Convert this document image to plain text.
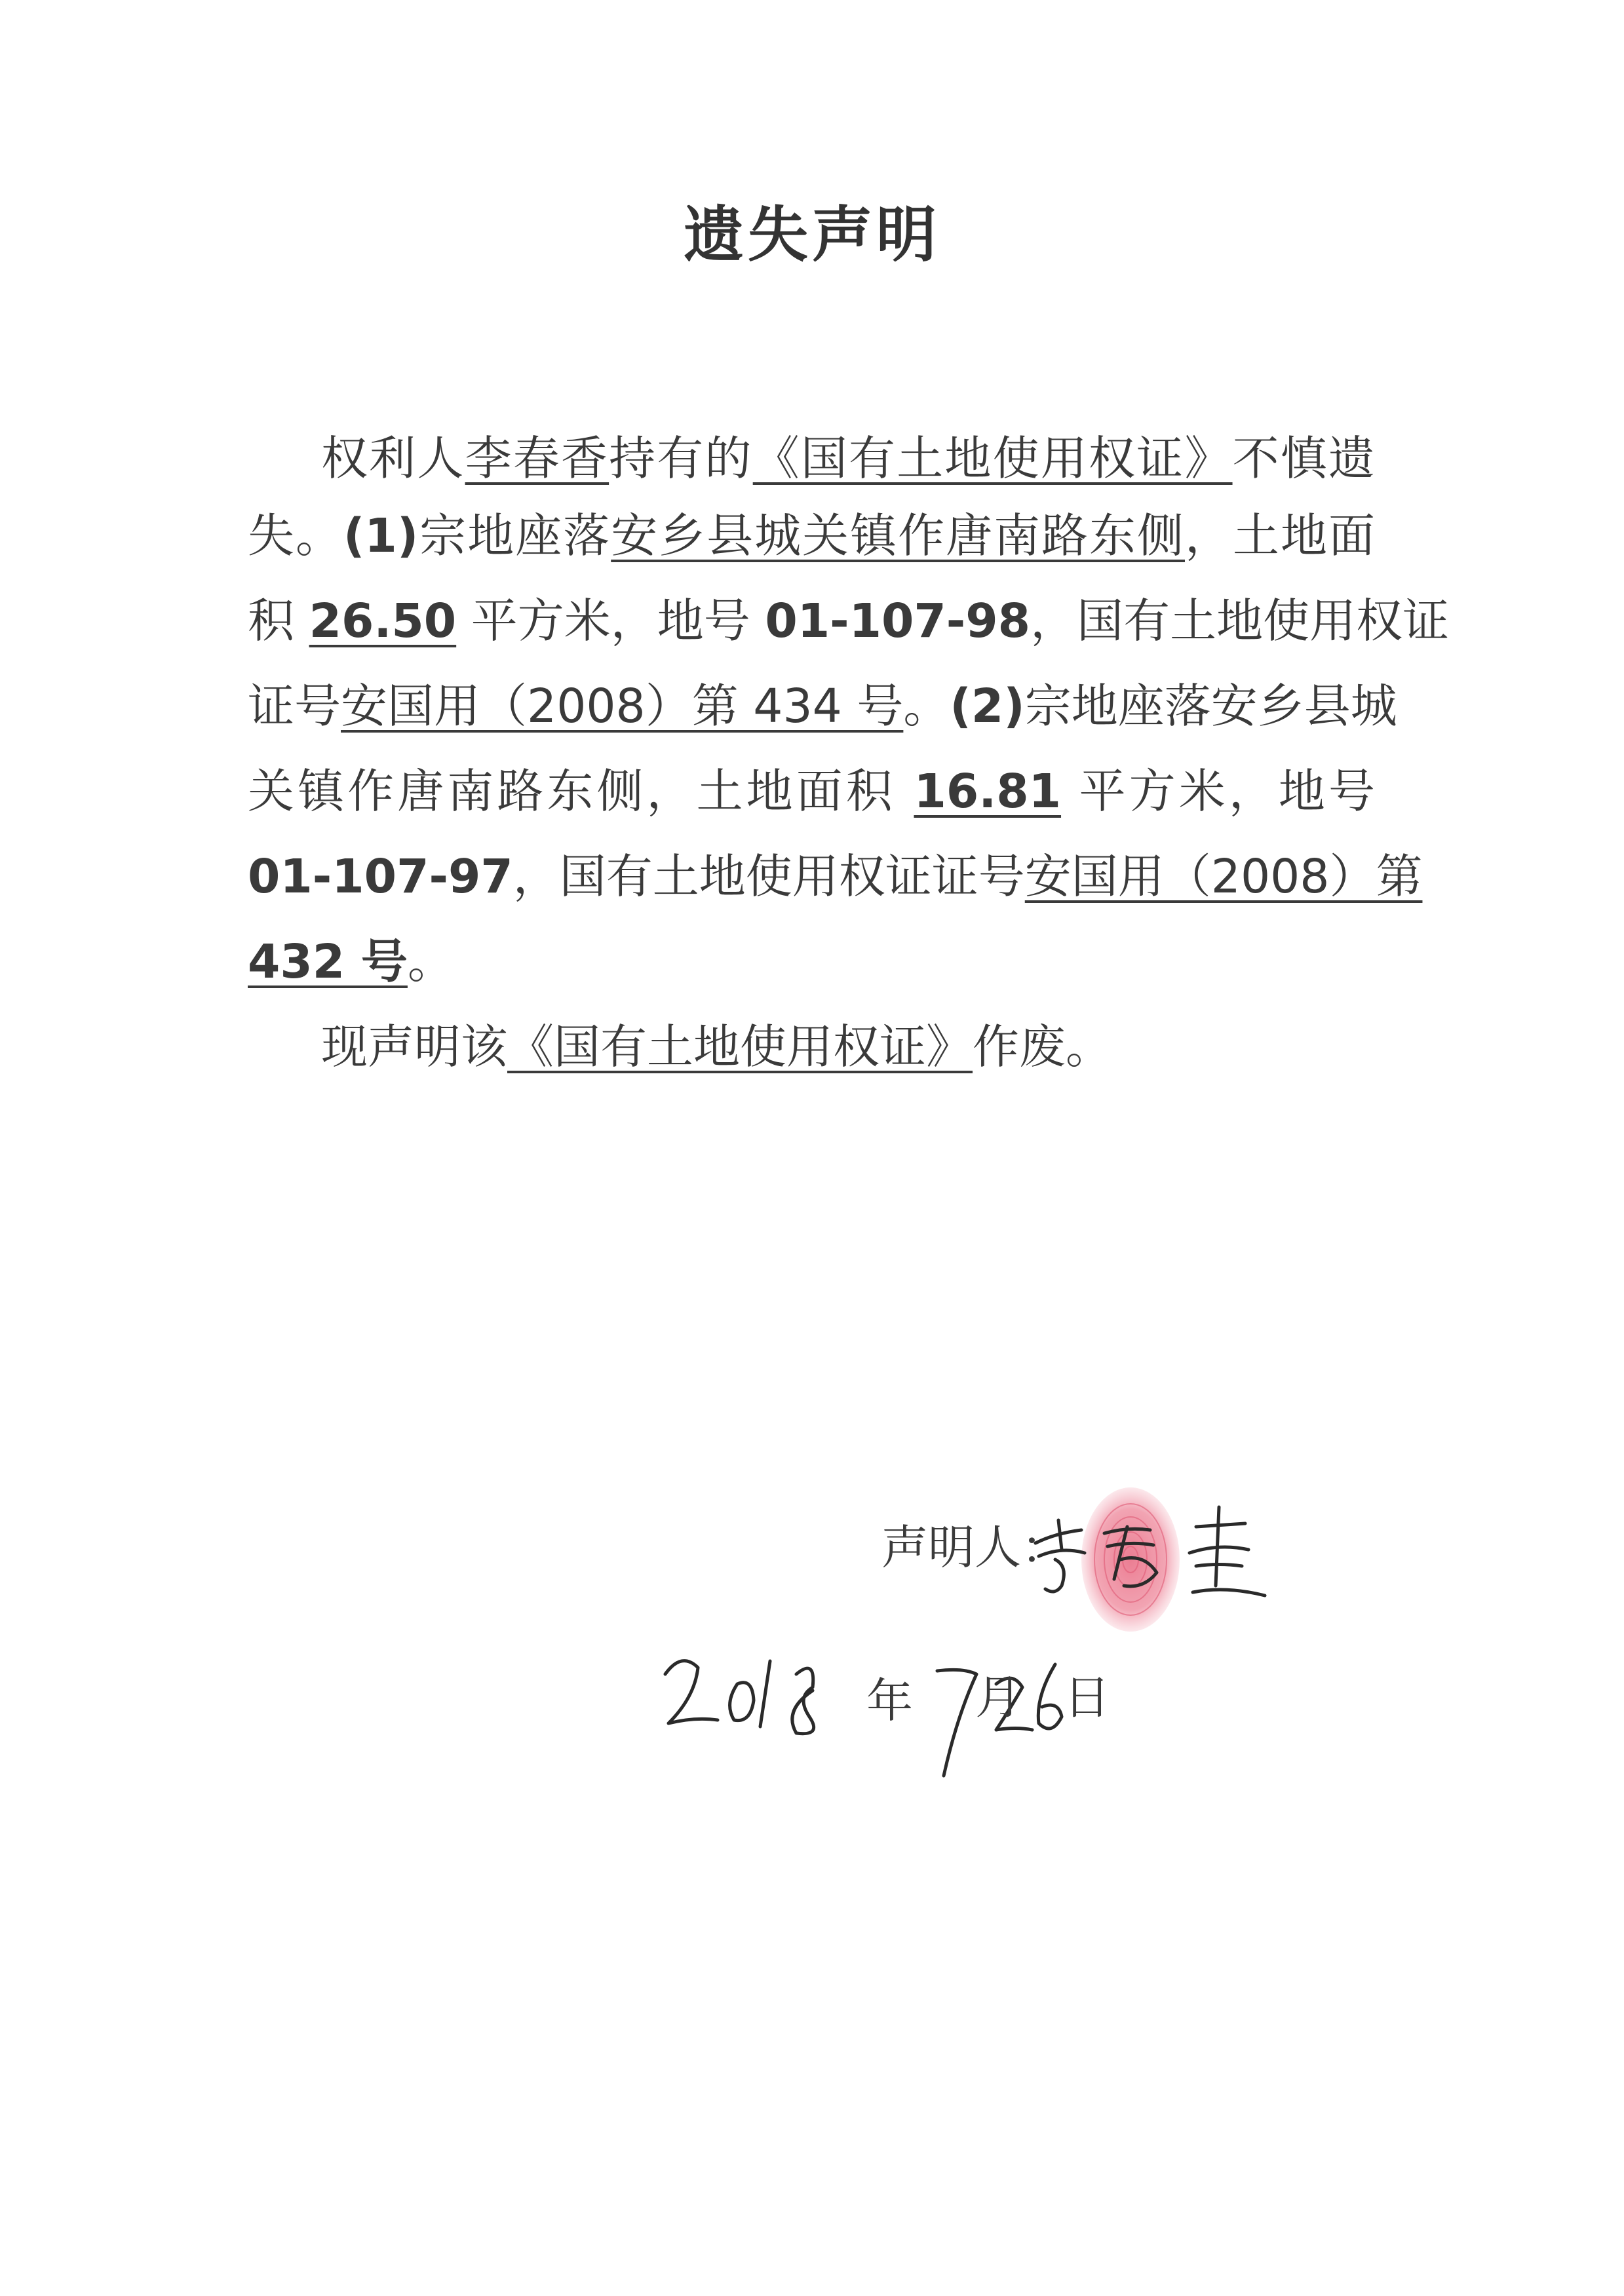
遗失声明
权利人李春香持有的《国有土地使用权证》不慎遗
失。(1)宗地座落安乡县城关镇作唐南路东侧，土地面
积 26.50 平方米，地号 01-107-98，国有土地使用权证
证号安国用（2008）第 434 号。(2)宗地座落安乡县城
关镇作唐南路东侧，土地面积 16.81 平方米，地号
01-107-97，国有土地使用权证证号安国用（2008）第
432 号。
现声明该《国有土地使用权证》作废。
声明人：
年 月 日
